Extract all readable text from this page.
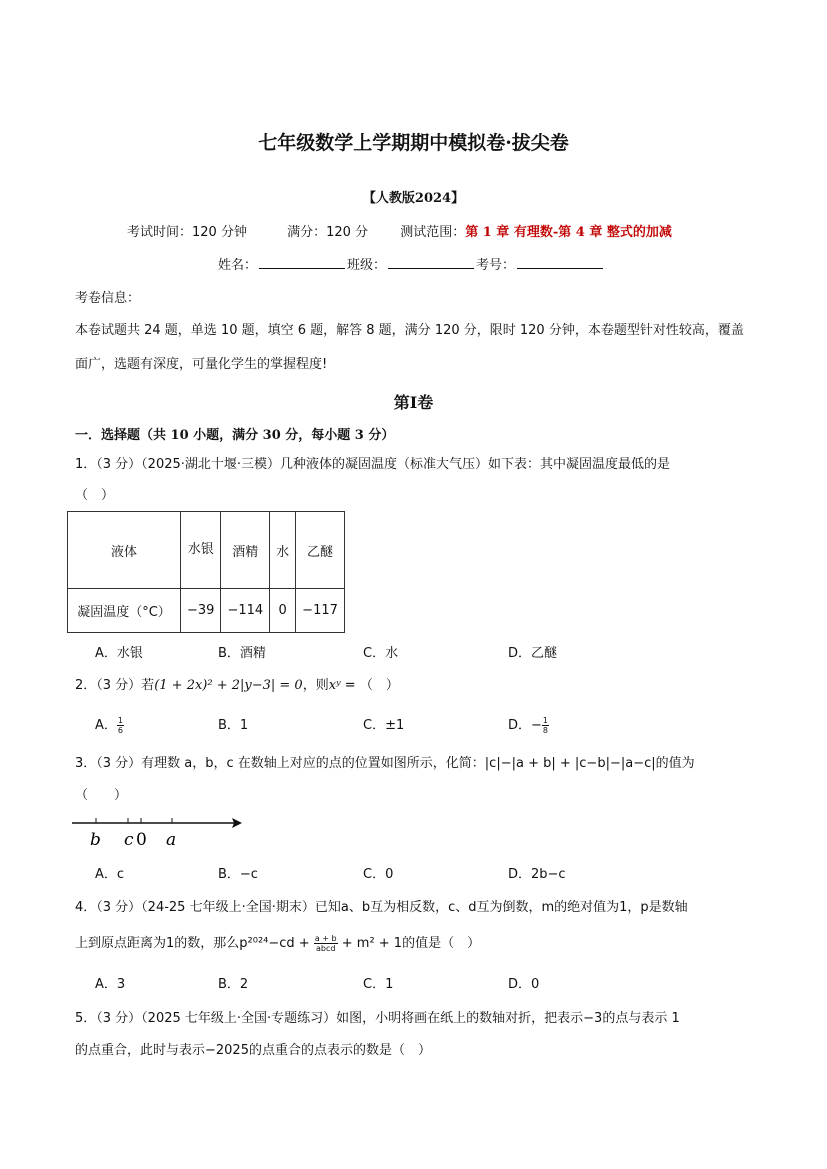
七年级数学上学期期中模拟卷·拔尖卷
【人教版2024】
考试时间：120 分钟	满分：120 分 测试范围：第 1 章 有理数-第 4 章 整式的加减
姓名：	班级：	考号：
考卷信息：
本卷试题共 24 题，单选 10 题，填空 6 题，解答 8 题，满分 120 分，限时 120 分钟，本卷题型针对性较高，覆盖
面广，选题有深度，可量化学生的掌握程度!
第I卷
一．选择题（共 10 小题，满分 30 分，每小题 3 分）
1．（3 分）（2025·湖北十堰·三模）几种液体的凝固温度（标准大气压）如下表：其中凝固温度最低的是
（　）
液体	水银	酒精	水	乙醚
凝固温度（°C）	−39	−114	0	−117
A．水银	B．酒精	C．水	D．乙醚
2．（3 分）若(1 + 2x)² + 2|y−3| = 0，则xʸ = （　）
A． $\frac{1}{6}$	B．1	C．±1	D．− $\frac{1}{8}$
3．（3 分）有理数 a，b，c 在数轴上对应的点的位置如图所示，化简：|c|−|a + b| + |c−b|−|a−c|的值为
（　　）
b c 0 a
A．c	B．−c	C．0	D．2b−c
4．（3 分）（24-25 七年级上·全国·期末）已知a、b互为相反数，c、d互为倒数，m的绝对值为1，p是数轴
上到原点距离为1的数，那么$p^{2024}-cd + \frac{a + b}{\text{abcd}} + m^2 + 1$的值是（　）
A．3	B．2	C．1	D．0
5．（3 分）（2025 七年级上·全国·专题练习）如图，小明将画在纸上的数轴对折，把表示−3的点与表示 1
的点重合，此时与表示−2025的点重合的点表示的数是（　）
